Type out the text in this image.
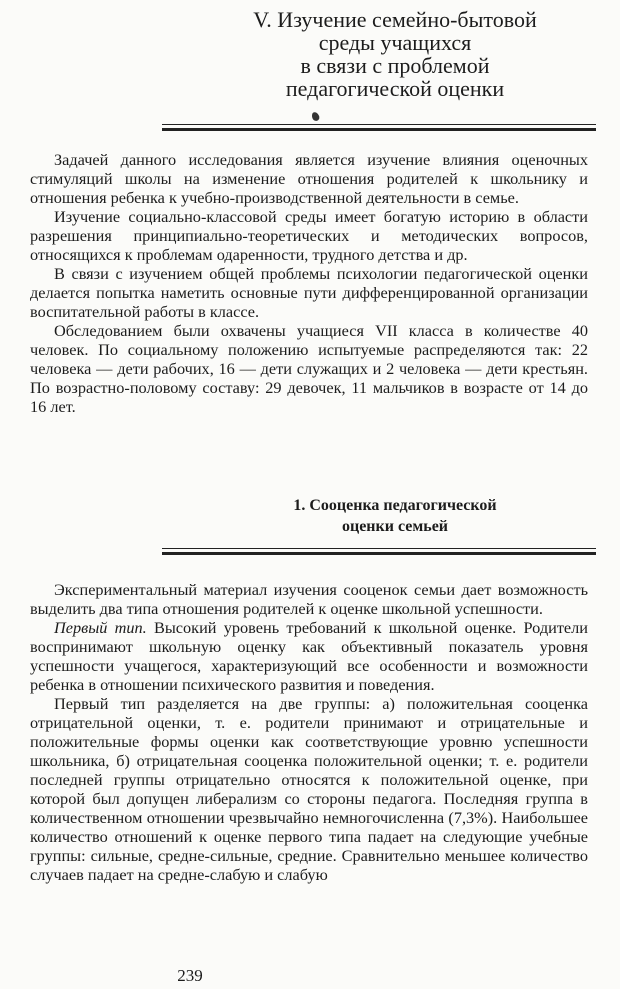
V. Изучение семейно-бытовой
среды учащихся
в связи с проблемой
педагогической оценки

Задачей данного исследования является изучение влияния оценочных стимуляций школы на изменение отношения родителей к школьнику и отношения ребенка к учебно-производственной деятельности в семье.

Изучение социально-классовой среды имеет богатую историю в области разрешения принципиально-теоретических и методических вопросов, относящихся к проблемам одаренности, трудного детства и др.

В связи с изучением общей проблемы психологии педагогической оценки делается попытка наметить основные пути дифференцированной организации воспитательной работы в классе.

Обследованием были охвачены учащиеся VII класса в количестве 40 человек. По социальному положению испытуемые распределяются так: 22 человека — дети рабочих, 16 — дети служащих и 2 человека — дети крестьян. По возрастно-половому составу: 29 девочек, 11 мальчиков в возрасте от 14 до 16 лет.

1. Сооценка педагогической
оценки семьей

Экспериментальный материал изучения сооценок семьи дает возможность выделить два типа отношения родителей к оценке школьной успешности.

Первый тип. Высокий уровень требований к школьной оценке. Родители воспринимают школьную оценку как объективный показатель уровня успешности учащегося, характеризующий все особенности и возможности ребенка в отношении психического развития и поведения.

Первый тип разделяется на две группы: а) положительная сооценка отрицательной оценки, т. е. родители принимают и отрицательные и положительные формы оценки как соответствующие уровню успешности школьника, б) отрицательная сооценка положительной оценки; т. е. родители последней группы отрицательно относятся к положительной оценке, при которой был допущен либерализм со стороны педагога. Последняя группа в количественном отношении чрезвычайно немногочисленна (7,3%). Наибольшее количество отношений к оценке первого типа падает на следующие учебные группы: сильные, средне-сильные, средние. Сравнительно меньшее количество случаев падает на средне-слабую и слабую

239
